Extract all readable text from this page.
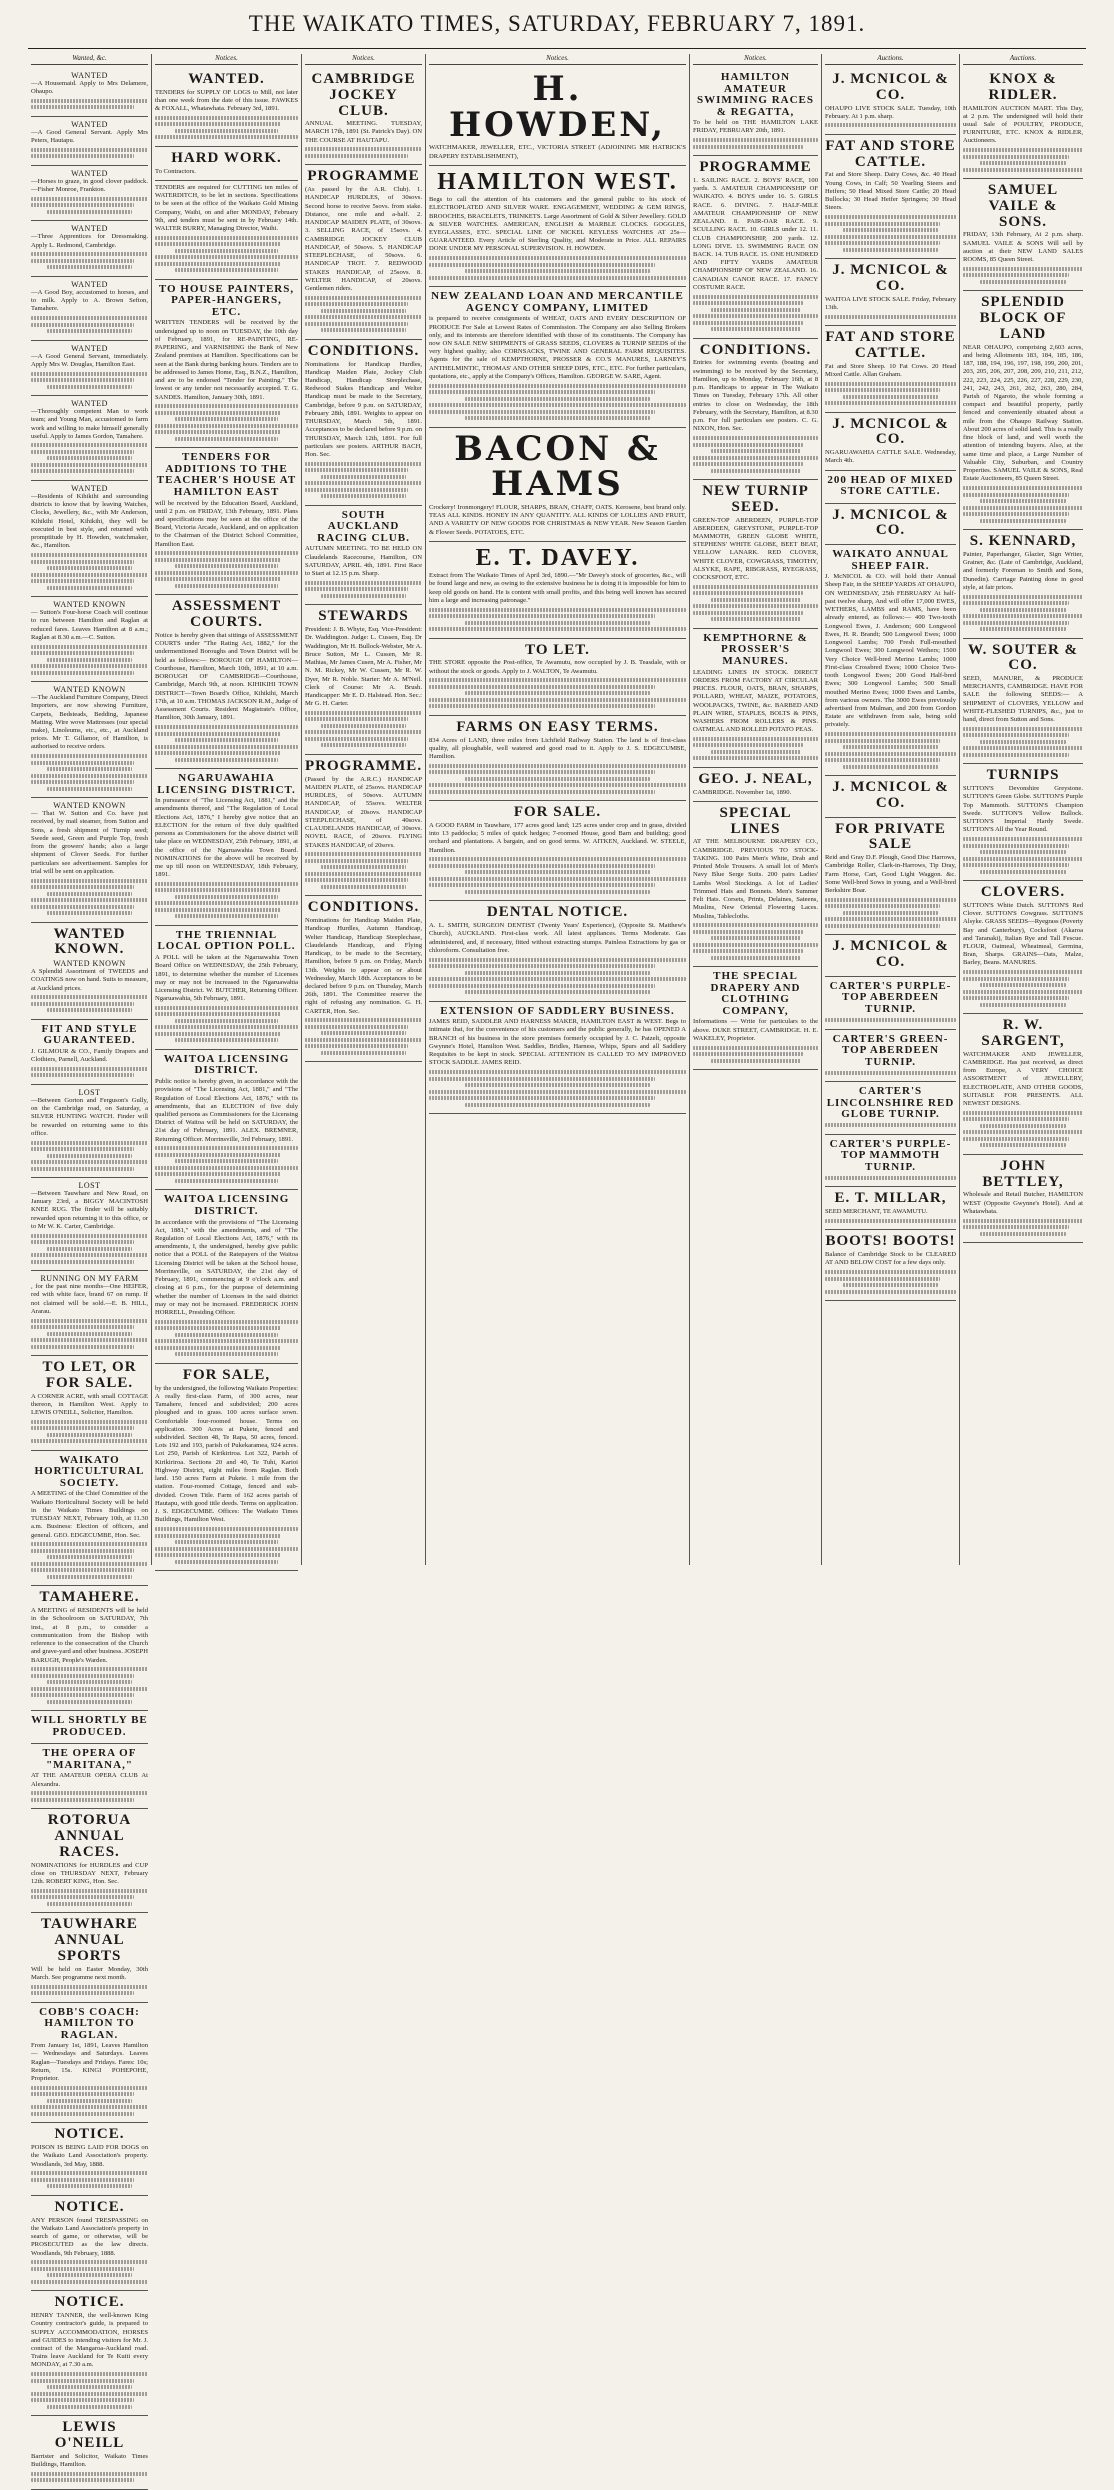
THE WAIKATO TIMES, SATURDAY, FEBRUARY 7, 1891.
Wanted, &c.
WANTED
—A Housemaid. Apply to Mrs Delamere, Ohaupo.
WANTED
—A Good General Servant. Apply Mrs Peters, Hautapu.
WANTED
—Horses to graze, in good clover paddock.—Fisher Monroe, Frankton.
WANTED
—Three Apprentices for Dressmaking. Apply L. Redmond, Cambridge.
WANTED
—A Good Boy, accustomed to horses, and to milk. Apply to A. Brown Sefton, Tamahere.
WANTED
—A Good General Servant, immediately. Apply Mrs W. Douglas, Hamilton East.
WANTED
—Thoroughly competent Man to work team; and Young Man, accustomed to farm work and willing to make himself generally useful. Apply to James Gordon, Tamahere.
WANTED
—Residents of Kihikihi and surrounding districts to know that by leaving Watches, Clocks, Jewellery, &c., with Mr Anderson, Kihikihi Hotel, Kihikihi, they will be executed in best style, and returned with promptitude by H. Howden, watchmaker, &c., Hamilton.
WANTED KNOWN
— Sutton's Four-horse Coach will continue to run between Hamilton and Raglan at reduced fares. Leaves Hamilton at 8 a.m.; Raglan at 8.30 a.m.—C. Sutton.
WANTED KNOWN
—The Auckland Furniture Company, Direct Importers, are now showing Furniture, Carpets, Bedsteads, Bedding, Japanese Matting. Wire wove Mattresses (our special make), Linoleums, etc., etc., at Auckland prices. Mr T. Gillamor, of Hamilton, is authorised to receive orders.
WANTED KNOWN
— That W. Sutton and Co. have just received, by mail steamer, from Sutton and Sons, a fresh shipment of Turnip seed; Swede seed, Green and Purple Top, fresh from the growers' hands; also a large shipment of Clover Seeds. For further particulars see advertisement. Samples for trial will be sent on application.
WANTED KNOWN.
WANTED KNOWN
A Splendid Assortment of TWEEDS and COATINGS now on hand. Suits to measure, at Auckland prices.
FIT AND STYLE GUARANTEED.
J. GILMOUR & CO., Family Drapers and Clothiers, Parnell, Auckland.
LOST
—Between Gorton and Ferguson's Gully, on the Cambridge road, on Saturday, a SILVER HUNTING WATCH. Finder will be rewarded on returning same to this office.
LOST
—Between Tauwhare and New Road, on January 23rd, a BIGGY MACINTOSH KNEE RUG. The finder will be suitably rewarded upon returning it to this office, or to Mr W. K. Carter, Cambridge.
RUNNING ON MY FARM
, for the past nine months—One HEIFER, red with white face, brand 67 on rump. If not claimed will be sold.—E. B. HILL, Ararau.
TO LET, OR FOR SALE.
A CORNER ACRE, with small COTTAGE thereon, in Hamilton West. Apply to LEWIS O'NEILL, Solicitor, Hamilton.
WAIKATO HORTICULTURAL SOCIETY.
A MEETING of the Chief Committee of the Waikato Horticultural Society will be held in the Waikato Times Buildings on TUESDAY NEXT, February 10th, at 11.30 a.m. Business: Election of officers, and general. GEO. EDGECUMBE, Hon. Sec.
TAMAHERE.
A MEETING of RESIDENTS will be held in the Schoolroom on SATURDAY, 7th inst., at 8 p.m., to consider a communication from the Bishop with reference to the consecration of the Church and grave-yard and other business. JOSEPH BARUGH, People's Warden.
WILL SHORTLY BE PRODUCED.
THE OPERA OF "MARITANA,"
AT THE AMATEUR OPERA CLUB At Alexandra.
ROTORUA ANNUAL RACES.
NOMINATIONS for HURDLES and CUP close on THURSDAY NEXT, February 12th. ROBERT KING, Hon. Sec.
TAUWHARE ANNUAL SPORTS
Will be held on Easter Monday, 30th March. See programme next month.
COBB'S COACH: HAMILTON TO RAGLAN.
From January 1st, 1891, Leaves Hamilton — Wednesdays and Saturdays. Leaves Raglan—Tuesdays and Fridays. Fares: 10s; Return, 15s. KINGI POHEPOHE, Proprietor.
NOTICE.
POISON IS BEING LAID FOR DOGS on the Waikato Land Association's property. Woodlands, 3rd May, 1888.
NOTICE.
ANY PERSON found TRESPASSING on the Waikato Land Association's property in search of game, or otherwise, will be PROSECUTED as the law directs. Woodlands, 9th February, 1888.
NOTICE.
HENRY TANNER, the well-known King Country contractor's guide, is prepared to SUPPLY ACCOMMODATION, HORSES and GUIDES to intending visitors for Mr. J. contract of the Mangaroa-Auckland road. Trains leave Auckland for Te Kuiti every MONDAY, at 7.30 a.m.
LEWIS O'NEILL
Barrister and Solicitor, Waikato Times Buildings, Hamilton.
Notices.
WANTED.
TENDERS for SUPPLY OF LOGS to Mill, not later than one week from the date of this issue. FAWKES & FOXALL, Whatawhata. February 3rd, 1891.
HARD WORK.
To Contractors.
TENDERS are required for CUTTING ten miles of WATERDITCH, to be let in sections. Specifications to be seen at the office of the Waikato Gold Mining Company, Waihi, on and after MONDAY, February 9th, and tenders must be sent in by February 14th. WALTER BURRY, Managing Director, Waihi.
TO HOUSE PAINTERS, PAPER-HANGERS, ETC.
WRITTEN TENDERS will be received by the undersigned up to noon on TUESDAY, the 10th day of February, 1891, for RE-PAINTING, RE-PAPERING, and VARNISHING the Bank of New Zealand premises at Hamilton. Specifications can be seen at the Bank during banking hours. Tenders are to be addressed to James Home, Esq., B.N.Z., Hamilton, and are to be endorsed "Tender for Painting." The lowest or any tender not necessarily accepted. T. G. SANDES. Hamilton, January 30th, 1891.
TENDERS FOR ADDITIONS TO THE TEACHER'S HOUSE AT HAMILTON EAST
will be received by the Education Board, Auckland, until 2 p.m. on FRIDAY, 13th February, 1891. Plans and specifications may be seen at the office of the Board, Victoria Arcade, Auckland, and on application to the Chairman of the District School Committee, Hamilton East.
ASSESSMENT COURTS.
Notice is hereby given that sittings of ASSESSMENT COURTS under "The Rating Act, 1882," for the undermentioned Boroughs and Town District will be held as follows:— BOROUGH OF HAMILTON—Courthouse, Hamilton, March 10th, 1891, at 10 a.m. BOROUGH OF CAMBRIDGE—Courthouse, Cambridge, March 9th, at noon. KIHIKIHI TOWN DISTRICT—Town Board's Office, Kihikihi, March 17th, at 10 a.m. THOMAS JACKSON R.M., Judge of Assessment Courts. Resident Magistrate's Office, Hamilton, 30th January, 1891.
NGARUAWAHIA LICENSING DISTRICT.
In pursuance of "The Licensing Act, 1881," and the amendments thereof, and "The Regulation of Local Elections Act, 1876," I hereby give notice that an ELECTION for the return of five duly qualified persons as Commissioners for the above district will take place on WEDNESDAY, 25th February, 1891, at the office of the Ngaruawahia Town Board. NOMINATIONS for the above will be received by me up till noon on WEDNESDAY, 18th February, 1891.
THE TRIENNIAL LOCAL OPTION POLL.
A POLL will be taken at the Ngaruawahia Town Board Office on WEDNESDAY, the 25th February, 1891, to determine whether the number of Licenses may or may not be increased in the Ngaruawahia Licensing District. W. BUTCHER, Returning Officer. Ngaruawahia, 5th February, 1891.
WAITOA LICENSING DISTRICT.
Public notice is hereby given, in accordance with the provisions of "The Licensing Act, 1881," and "The Regulation of Local Elections Act, 1876," with its amendments, that an ELECTION of five duly qualified persons as Commissioners for the Licensing District of Waitoa will be held on SATURDAY, the 21st day of February, 1891. ALEX. BREMNER, Returning Officer. Morrinsville, 3rd February, 1891.
WAITOA LICENSING DISTRICT.
In accordance with the provisions of "The Licensing Act, 1881," with the amendments, and of "The Regulation of Local Elections Act, 1876," with its amendments, I, the undersigned, hereby give public notice that a POLL of the Ratepayers of the Waitoa Licensing District will be taken at the School house, Morrinsville, on SATURDAY, the 21st day of February, 1891, commencing at 9 o'clock a.m. and closing at 6 p.m., for the purpose of determining whether the number of Licenses in the said district may or may not be increased. FREDERICK JOHN HORRELL, Presiding Officer.
FOR SALE,
by the undersigned, the following Waikato Properties: A really first-class Farm, of 300 acres, near Tamahere, fenced and subdivided; 200 acres ploughed and in grass. 100 acres surface sown. Comfortable four-roomed house. Terms on application. 300 Acres at Pukete, fenced and subdivided. Section 48, Te Rapa, 50 acres, fenced. Lots 192 and 193, parish of Pukekaramea, 924 acres. Lot 250, Parish of Kirikiriroa. Lot 322, Parish of Kirikiriroa. Sections 20 and 40, Te Tuhi, Karioi Highway District, eight miles from Raglan. Both land. 150 acres Farm at Pukete. 1 mile from the station. Four-roomed Cottage, fenced and sub-divided. Crown Title. Farm of 162 acres parish of Hautapu, with good title deeds. Terms on application. J. S. EDGECUMBE. Offices: The Waikato Times Buildings, Hamilton West.
Notices.
CAMBRIDGE JOCKEY CLUB.
ANNUAL MEETING. TUESDAY, MARCH 17th, 1891 (St. Patrick's Day). ON THE COURSE AT HAUTAPU.
PROGRAMME
(As passed by the A.R. Club). 1. HANDICAP HURDLES, of 30sovs. Second horse to receive 5sovs. from stake. Distance, one mile and a-half. 2. HANDICAP MAIDEN PLATE, of 30sovs. 3. SELLING RACE, of 15sovs. 4. CAMBRIDGE JOCKEY CLUB HANDICAP, of 50sovs. 5. HANDICAP STEEPLECHASE, of 50sovs. 6. HANDICAP TROT. 7. REDWOOD STAKES HANDICAP, of 25sovs. 8. WELTER HANDICAP, of 20sovs. Gentlemen riders.
CONDITIONS.
Nominations for Handicap Hurdles, Handicap Maiden Plate, Jockey Club Handicap, Handicap Steeplechase, Redwood Stakes Handicap and Welter Handicap must be made to the Secretary, Cambridge, before 9 p.m. on SATURDAY, February 28th, 1891. Weights to appear on THURSDAY, March 5th, 1891. Acceptances to be declared before 9 p.m. on THURSDAY, March 12th, 1891. For full particulars see posters. ARTHUR BACH, Hon. Sec.
SOUTH AUCKLAND RACING CLUB.
AUTUMN MEETING. TO BE HELD ON Claudelands Racecourse, Hamilton, ON SATURDAY, APRIL 4th, 1891. First Race to Start at 12.15 p.m. Sharp.
STEWARDS
President: J. B. Whyte, Esq. Vice-President: Dr. Waddington. Judge: L. Cussen, Esq. Dr Waddington, Mr H. Bullock-Webster, Mr A. Bruce Sutton, Mr L. Cussen, Mr R. Mathias, Mr James Cusen, Mr A. Fisher, Mr N. M. Rickey, Mr W. Cussen, Mr R. W. Dyer, Mr R. Noble. Starter: Mr A. M'Neil. Clerk of Course: Mr A. Brush. Handicapper: Mr E. D. Halstead. Hon. Sec.: Mr G. H. Carter.
PROGRAMME.
(Passed by the A.R.C.) HANDICAP MAIDEN PLATE, of 25sovs. HANDICAP HURDLES, of 50sovs. AUTUMN HANDICAP, of 55sovs. WELTER HANDICAP, of 20sovs. HANDICAP STEEPLECHASE, of 40sovs. CLAUDELANDS HANDICAP, of 30sovs. NOVEL RACE, of 20sovs. FLYING STAKES HANDICAP, of 20sovs.
CONDITIONS.
Nominations for Handicap Maiden Plate, Handicap Hurdles, Autumn Handicap, Welter Handicap, Handicap Steeplechase, Claudelands Handicap, and Flying Handicap, to be made to the Secretary, Hamilton, before 9 p.m. on Friday, March 13th. Weights to appear on or about Wednesday, March 18th. Acceptances to be declared before 9 p.m. on Thursday, March 26th, 1891. The Committee reserve the right of refusing any nomination. G. H. CARTER, Hon. Sec.
Notices.
H. HOWDEN,
WATCHMAKER, JEWELLER, ETC., VICTORIA STREET (ADJOINING MR HATRICK'S DRAPERY ESTABLISHMENT),
HAMILTON WEST.
Begs to call the attention of his customers and the general public to his stock of ELECTROPLATED AND SILVER WARE. ENGAGEMENT, WEDDING & GEM RINGS, BROOCHES, BRACELETS, TRINKETS. Large Assortment of Gold & Silver Jewellery. GOLD & SILVER WATCHES. AMERICAN, ENGLISH & MARBLE CLOCKS. GOGGLES, EYEGLASSES, ETC. SPECIAL LINE OF NICKEL KEYLESS WATCHES AT 25s—GUARANTEED. Every Article of Sterling Quality, and Moderate in Price. ALL REPAIRS DONE UNDER MY PERSONAL SUPERVISION. H. HOWDEN.
NEW ZEALAND LOAN AND MERCANTILE AGENCY COMPANY, LIMITED
is prepared to receive consignments of WHEAT, OATS AND EVERY DESCRIPTION OF PRODUCE For Sale at Lowest Rates of Commission. The Company are also Selling Brokers only, and its interests are therefore identified with those of its constituents. The Company has now ON SALE NEW SHIPMENTS of GRASS SEEDS, CLOVERS & TURNIP SEEDS of the very highest quality; also CORNSACKS, TWINE AND GENERAL FARM REQUISITES. Agents for the sale of KEMPTHORNE, PROSSER & CO.'S MANURES, LARNEY'S ANTHELMINTIC, THOMAS' AND OTHER SHEEP DIPS, ETC., ETC. For further particulars, quotations, etc., apply at the Company's Offices, Hamilton. GEORGE W. SARE, Agent.
BACON & HAMS
Crockery! Ironmongery! FLOUR, SHARPS, BRAN, CHAFF, OATS. Kerosene, best brand only. TEAS ALL KINDS. HONEY IN ANY QUANTITY. ALL KINDS OF LOLLIES AND FRUIT, AND A VARIETY OF NEW GOODS FOR CHRISTMAS & NEW YEAR. New Season Garden & Flower Seeds. POTATOES, ETC.
E. T. DAVEY.
Extract from The Waikato Times of April 3rd, 1890.—"Mr Davey's stock of groceries, &c., will be found large and new, as owing to the extensive business he is doing it is impossible for him to keep old goods on hand. He is content with small profits, and this being well known has secured him a large and increasing patronage."
TO LET.
THE STORE opposite the Post-office, Te Awamutu, now occupied by J. B. Teasdale, with or without the stock or goods. Apply to J. WALTON, Te Awamutu.
FARMS ON EASY TERMS.
834 Acres of LAND, three miles from Lichfield Railway Station. The land is of first-class quality, all ploughable, well watered and good road to it. Apply to J. S. EDGECUMBE, Hamilton.
FOR SALE.
A GOOD FARM in Tauwhare, 177 acres good land; 125 acres under crop and in grass, divided into 13 paddocks; 5 miles of quick hedges; 7-roomed House, good Barn and building; good orchard and plantations. A bargain, and on good terms. W. AITKEN, Auckland. W. STEELE, Hamilton.
DENTAL NOTICE.
A. L. SMITH, SURGEON DENTIST (Twenty Years' Experience), (Opposite St. Matthew's Church), AUCKLAND. First-class work. All latest appliances. Terms Moderate. Gas administered, and, if necessary, fitted without extracting stumps. Painless Extractions by gas or chloroform. Consultation free.
EXTENSION OF SADDLERY BUSINESS.
JAMES REID, SADDLER AND HARNESS MAKER, HAMILTON EAST & WEST. Begs to intimate that, for the convenience of his customers and the public generally, he has OPENED A BRANCH of his business in the store premises formerly occupied by J. C. Patzelt, opposite Gwynne's Hotel, Hamilton West. Saddles, Bridles, Harness, Whips, Spurs and all Saddlery Requisites to be kept in stock. SPECIAL ATTENTION IS CALLED TO MY IMPROVED STOCK SADDLE. JAMES REID.
Notices.
HAMILTON AMATEUR SWIMMING RACES & REGATTA,
To be held on THE HAMILTON LAKE FRIDAY, FEBRUARY 20th, 1891.
PROGRAMME
1. SAILING RACE. 2. BOYS' RACE, 100 yards. 3. AMATEUR CHAMPIONSHIP OF WAIKATO. 4. BOYS under 16. 5. GIRLS RACE. 6. DIVING. 7. HALF-MILE AMATEUR CHAMPIONSHIP OF NEW ZEALAND. 8. PAIR-OAR RACE. 9. SCULLING RACE. 10. GIRLS under 12. 11. CLUB CHAMPIONSHIP, 200 yards. 12. LONG DIVE. 13. SWIMMING RACE ON BACK. 14. TUB RACE. 15. ONE HUNDRED AND FIFTY YARDS AMATEUR CHAMPIONSHIP OF NEW ZEALAND. 16. CANADIAN CANOE RACE. 17. FANCY COSTUME RACE.
CONDITIONS.
Entries for swimming events (boating and swimming) to be received by the Secretary, Hamilton, up to Monday, February 16th, at 8 p.m. Handicaps to appear in The Waikato Times on Tuesday, February 17th. All other entries to close on Wednesday, the 18th February, with the Secretary, Hamilton, at 8.30 p.m. For full particulars see posters. C. G. NIXON, Hon. Sec.
NEW TURNIP SEED.
GREEN-TOP ABERDEEN, PURPLE-TOP ABERDEEN, GREYSTONE, PURPLE-TOP MAMMOTH, GREEN GLOBE WHITE, STEPHENS' WHITE GLOBE, BEET BEAT, YELLOW LANARK. RED CLOVER, WHITE CLOVER, COWGRASS, TIMOTHY, ALSYKE, RAPE, RIBGRASS, RYEGRASS, COCKSFOOT, ETC.
KEMPTHORNE & PROSSER'S MANURES.
LEADING LINES IN STOCK. DIRECT ORDERS FROM FACTORY AT CIRCULAR PRICES. FLOUR, OATS, BRAN, SHARPS, POLLARD, WHEAT, MAIZE, POTATOES, WOOLPACKS, TWINE, &c. BARBED AND PLAIN WIRE, STAPLES, BOLTS & PINS, WASHERS FROM ROLLERS & PINS. OATMEAL AND ROLLED POTATO PEAS.
GEO. J. NEAL,
CAMBRIDGE. November 1st, 1890.
SPECIAL LINES
AT THE MELBOURNE DRAPERY CO., CAMBRIDGE. PREVIOUS TO STOCK-TAKING. 100 Pairs Men's White, Drab and Printed Mole Trousers. A small lot of Men's Navy Blue Serge Suits. 200 pairs Ladies' Lambs Wool Stockings. A lot of Ladies' Trimmed Hats and Bonnets. Men's Summer Felt Hats. Corsets, Prints, Delaines, Sateens, Muslins, New Oriental Flowering Laces. Muslins, Tablecloths.
THE SPECIAL DRAPERY AND CLOTHING COMPANY,
Informations — Write for particulars to the above. DUKE STREET, CAMBRIDGE. H. E. WAKELEY, Proprietor.
Auctions.
J. MCNICOL & CO.
OHAUPO LIVE STOCK SALE. Tuesday, 10th February. At 1 p.m. sharp.
FAT AND STORE CATTLE.
Fat and Store Sheep. Dairy Cows, &c. 40 Head Young Cows, in Calf; 50 Yearling Steers and Heifers; 50 Head Mixed Store Cattle; 20 Head Bullocks; 30 Head Heifer Springers; 30 Head Steers.
J. MCNICOL & CO.
WAITOA LIVE STOCK SALE. Friday, February 13th.
FAT AND STORE CATTLE.
Fat and Store Sheep. 10 Fat Cows. 20 Head Mixed Cattle. Allan Graham.
J. MCNICOL & CO.
NGARUAWAHIA CATTLE SALE. Wednesday, March 4th.
200 HEAD OF MIXED STORE CATTLE.
J. MCNICOL & CO.
WAIKATO ANNUAL SHEEP FAIR.
J. McNICOL & CO. will hold their Annual Sheep Fair, in the SHEEP YARDS AT OHAUPO, ON WEDNESDAY, 25th FEBRUARY At half-past twelve sharp, And will offer 17,000 EWES, WETHERS, LAMBS and RAMS, have been already entered, as follows:— 400 Two-tooth Longwool Ewes, J. Anderson; 600 Longwool Ewes, H. R. Brandt; 500 Longwool Ewes; 1000 Longwool Lambs; 700 Fresh Full-mouthed Longwool Ewes; 300 Longwool Wethers; 1500 Very Choice Well-bred Merino Lambs; 1000 First-class Crossbred Ewes; 1000 Choice Two-tooth Longwool Ewes; 200 Good Half-bred Ewes; 300 Longwool Lambs; 500 Small mouthed Merino Ewes; 1000 Ewes and Lambs, from various owners. The 3000 Ewes previously advertised from Mulman, and 200 from Gordon Estate are withdrawn from sale, being sold privately.
J. MCNICOL & CO.
FOR PRIVATE SALE
Reid and Gray D.F. Plough, Good Disc Harrows, Cambridge Roller, Clark-in-Harrows, Tip Dray, Farm Horse, Cart, Good Light Waggon. &c. Some Well-bred Sows in young, and a Well-bred Berkshire Boar.
J. MCNICOL & CO.
CARTER'S PURPLE-TOP ABERDEEN TURNIP.
CARTER'S GREEN-TOP ABERDEEN TURNIP.
CARTER'S LINCOLNSHIRE RED GLOBE TURNIP.
CARTER'S PURPLE-TOP MAMMOTH TURNIP.
E. T. MILLAR,
SEED MERCHANT, TE AWAMUTU.
BOOTS! BOOTS!
Balance of Cambridge Stock to be CLEARED AT AND BELOW COST for a few days only.
Auctions.
KNOX & RIDLER.
HAMILTON AUCTION MART. This Day, at 2 p.m. The undersigned will hold their usual Sale of POULTRY, PRODUCE, FURNITURE, ETC. KNOX & RIDLER, Auctioneers.
SAMUEL VAILE & SONS.
FRIDAY, 13th February, At 2 p.m. sharp. SAMUEL VAILE & SONS Will sell by auction at their NEW LAND SALES ROOMS, 85 Queen Street.
SPLENDID BLOCK OF LAND
NEAR OHAUPO, comprising 2,603 acres, and being Allotments 183, 184, 185, 186, 187, 188, 194, 196, 197, 198, 199, 200, 201, 203, 205, 206, 207, 208, 209, 210, 211, 212, 222, 223, 224, 225, 226, 227, 228, 229, 230, 241, 242, 243, 261, 262, 263, 280, 284, Parish of Ngaroto, the whole forming a compact and beautiful property, partly fenced and conveniently situated about a mile from the Ohaupo Railway Station. About 200 acres of solid land. This is a really fine block of land, and well worth the attention of intending buyers. Also, at the same time and place, a Large Number of Valuable City, Suburban, and Country Properties. SAMUEL VAILE & SONS, Real Estate Auctioneers, 85 Queen Street.
S. KENNARD,
Painter, Paperhanger, Glazier, Sign Writer, Grainer, &c. (Late of Cambridge, Auckland, and formerly Foreman to Smith and Sons, Dunedin). Carriage Painting done in good style, at fair prices.
W. SOUTER & CO.
SEED, MANURE, & PRODUCE MERCHANTS, CAMBRIDGE. HAVE FOR SALE the following SEEDS:— A SHIPMENT of CLOVERS, YELLOW and WHITE-FLESHED TURNIPS, &c., just to hand, direct from Sutton and Sons.
TURNIPS
SUTTON'S Devonshire Greystone. SUTTON'S Green Globe. SUTTON'S Purple Top Mammoth. SUTTON'S Champion Swede. SUTTON'S Yellow Bullock. SUTTON'S Imperial Hardy Swede. SUTTON'S All the Year Round.
CLOVERS.
SUTTON'S White Dutch. SUTTON'S Red Clover. SUTTON'S Cowgrass. SUTTON'S Alsyke. GRASS SEEDS—Ryegrass (Poverty Bay and Canterbury), Cocksfoot (Akaroa and Taranaki), Italian Rye and Tall Fescue. FLOUR, Oatmeal, Wheatmeal, Germina, Bran, Sharps. GRAINS—Oats, Malze, Barley, Beans. MANURES.
R. W. SARGENT,
WATCHMAKER AND JEWELLER, CAMBRIDGE. Has just received, as direct from Europe, A VERY CHOICE ASSORTMENT of JEWELLERY, ELECTROPLATE, AND OTHER GOODS, SUITABLE FOR PRESENTS. ALL NEWEST DESIGNS.
JOHN BETTLEY,
Wholesale and Retail Butcher, HAMILTON WEST (Opposite Gwynne's Hotel). And at Whatawhata.
